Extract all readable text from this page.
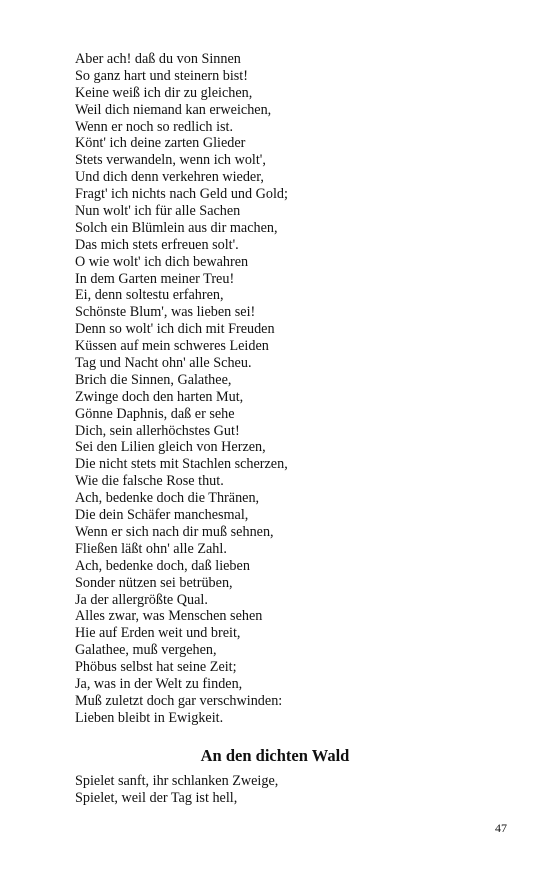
Aber ach! daß du von Sinnen
So ganz hart und steinern bist!
Keine weiß ich dir zu gleichen,
Weil dich niemand kan erweichen,
Wenn er noch so redlich ist.
Könt' ich deine zarten Glieder
Stets verwandeln, wenn ich wolt',
Und dich denn verkehren wieder,
Fragt' ich nichts nach Geld und Gold;
Nun wolt' ich für alle Sachen
Solch ein Blümlein aus dir machen,
Das mich stets erfreuen solt'.
O wie wolt' ich dich bewahren
In dem Garten meiner Treu!
Ei, denn soltestu erfahren,
Schönste Blum', was lieben sei!
Denn so wolt' ich dich mit Freuden
Küssen auf mein schweres Leiden
Tag und Nacht ohn' alle Scheu.
Brich die Sinnen, Galathee,
Zwinge doch den harten Mut,
Gönne Daphnis, daß er sehe
Dich, sein allerhöchstes Gut!
Sei den Lilien gleich von Herzen,
Die nicht stets mit Stachlen scherzen,
Wie die falsche Rose thut.
Ach, bedenke doch die Thränen,
Die dein Schäfer manchesmal,
Wenn er sich nach dir muß sehnen,
Fließen läßt ohn' alle Zahl.
Ach, bedenke doch, daß lieben
Sonder nützen sei betrüben,
Ja der allergrößte Qual.
Alles zwar, was Menschen sehen
Hie auf Erden weit und breit,
Galathee, muß vergehen,
Phöbus selbst hat seine Zeit;
Ja, was in der Welt zu finden,
Muß zuletzt doch gar verschwinden:
Lieben bleibt in Ewigkeit.
An den dichten Wald
Spielet sanft, ihr schlanken Zweige,
Spielet, weil der Tag ist hell,
47
